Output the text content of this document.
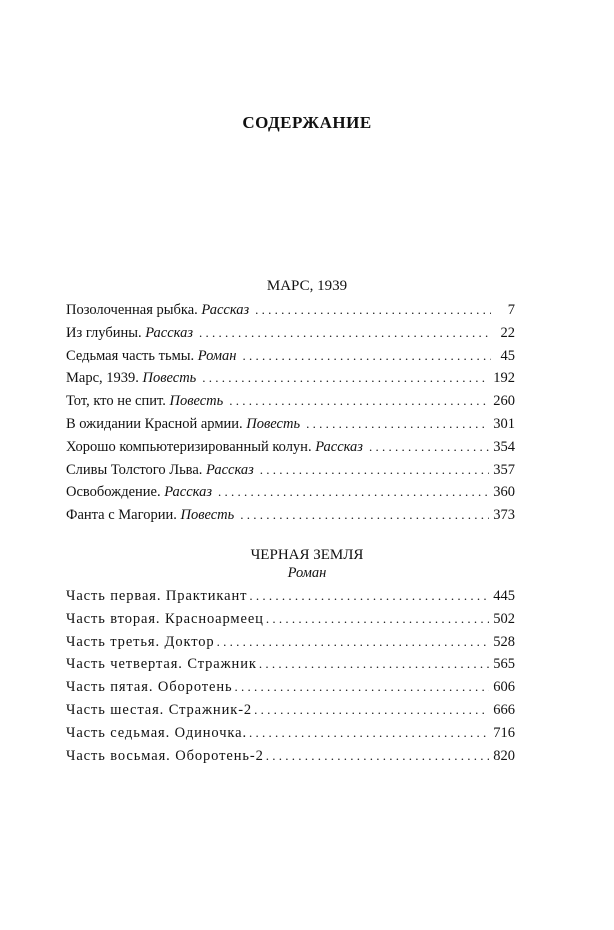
СОДЕРЖАНИЕ
МАРС, 1939
Позолоченная рыбка. Рассказ . . .	7
Из глубины. Рассказ . . .	22
Седьмая часть тьмы. Роман . . .	45
Марс, 1939. Повесть . . .	192
Тот, кто не спит. Повесть . . .	260
В ожидании Красной армии. Повесть . . .	301
Хорошо компьютеризированный колун. Рассказ . . .	354
Сливы Толстого Льва. Рассказ . . .	357
Освобождение. Рассказ . . .	360
Фанта с Магории. Повесть . . .	373
ЧЕРНАЯ ЗЕМЛЯ
Роман
Часть первая. Практикант . . .	445
Часть вторая. Красноармеец . . .	502
Часть третья. Доктор . . .	528
Часть четвертая. Стражник . . .	565
Часть пятая. Оборотень . . .	606
Часть шестая. Стражник-2 . . .	666
Часть седьмая. Одиночка. . . .	716
Часть восьмая. Оборотень-2 . . .	820
